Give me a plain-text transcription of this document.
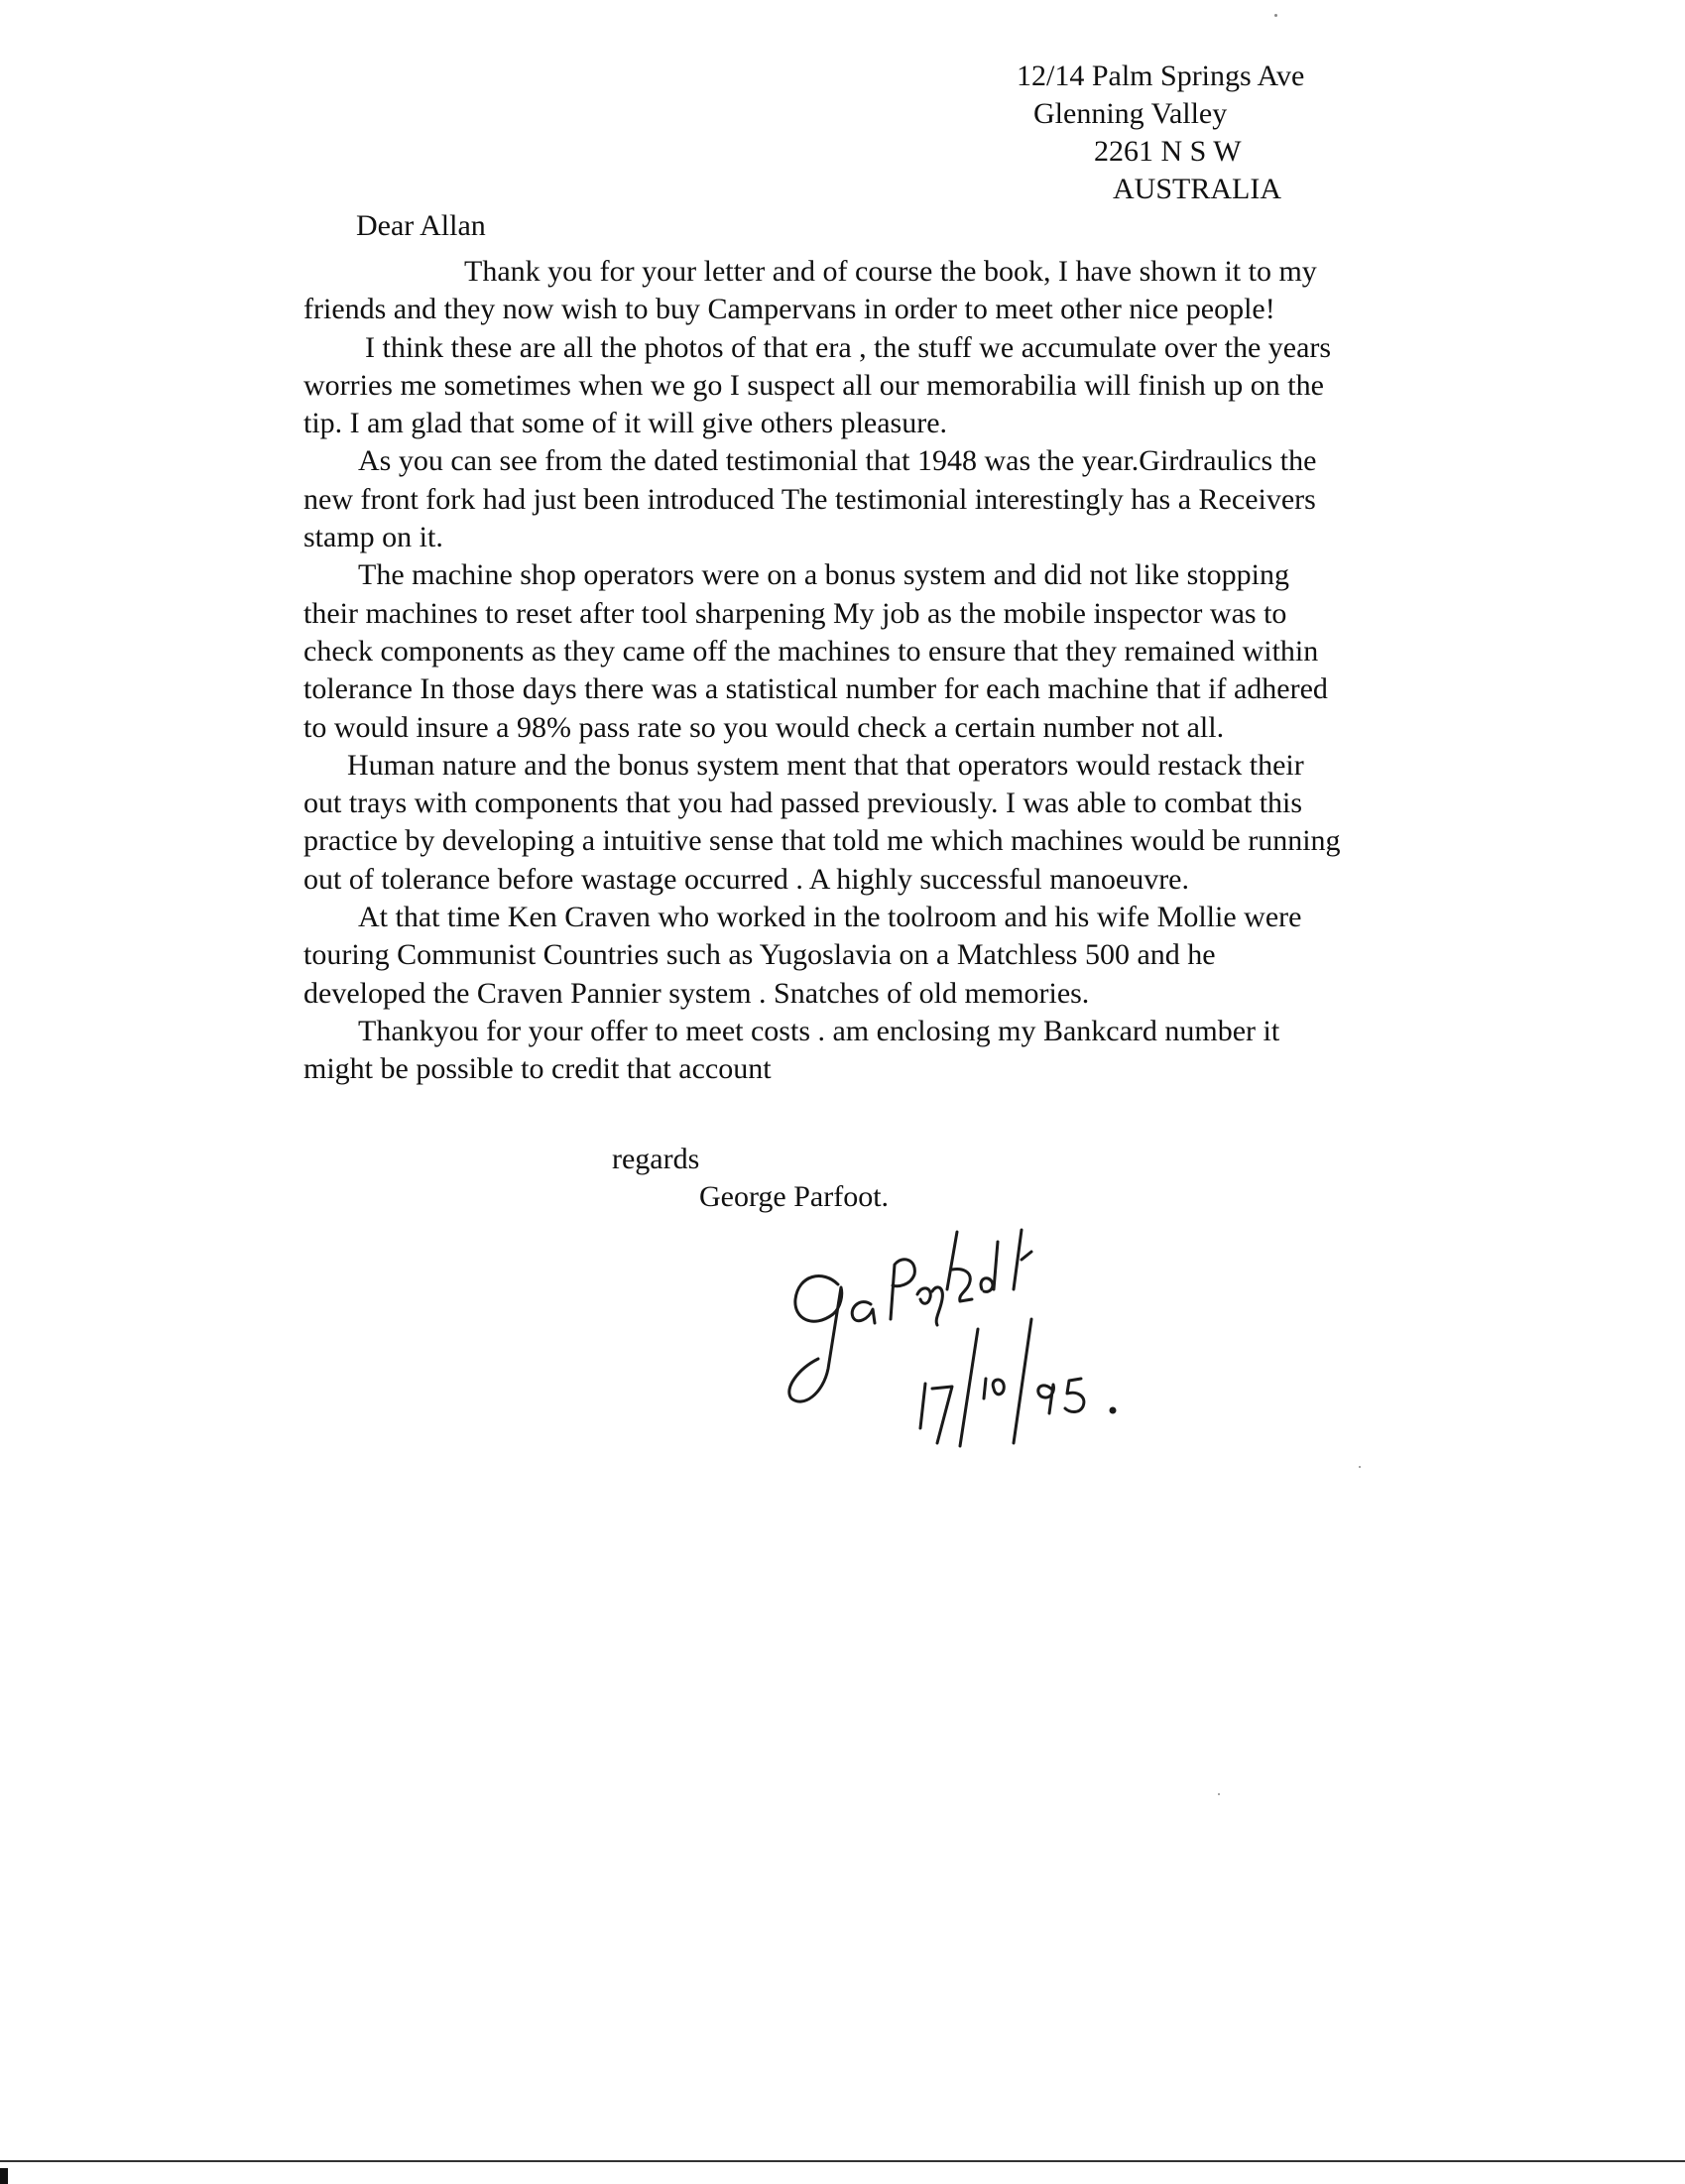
12/14 Palm Springs Ave
Glenning Valley
2261 N S W
AUSTRALIA
Dear Allan

Thank you for your letter and of course the book, I have shown it to my
friends and they now wish to buy Campervans in order to meet other nice people!

I think these are all the photos of that era , the stuff we accumulate over the years
worries me sometimes when we go I suspect all our memorabilia will finish up on the
tip. I am glad that some of it will give others pleasure.

As you can see from the dated testimonial that 1948 was the year.Girdraulics the
new front fork had just been introduced The testimonial interestingly has a Receivers
stamp on it.

The machine shop operators were on a bonus system and did not like stopping
their machines to reset after tool sharpening My job as the mobile inspector was to
check components as they came off the machines to ensure that they remained within
tolerance In those days there was a statistical number for each machine that if adhered
to would insure a 98% pass rate so you would check a certain number not all.

Human nature and the bonus system ment that that operators would restack their
out trays with components that you had passed previously. I was able to combat this
practice by developing a intuitive sense that told me which machines would be running
out of tolerance before wastage occurred . A highly successful manoeuvre.

At that time Ken Craven who worked in the toolroom and his wife Mollie were
touring Communist Countries such as Yugoslavia on a Matchless 500 and he
developed the Craven Pannier system . Snatches of old memories.

Thankyou for your offer to meet costs . am enclosing my Bankcard number it
might be possible to credit that account

regards
George Parfoot.
